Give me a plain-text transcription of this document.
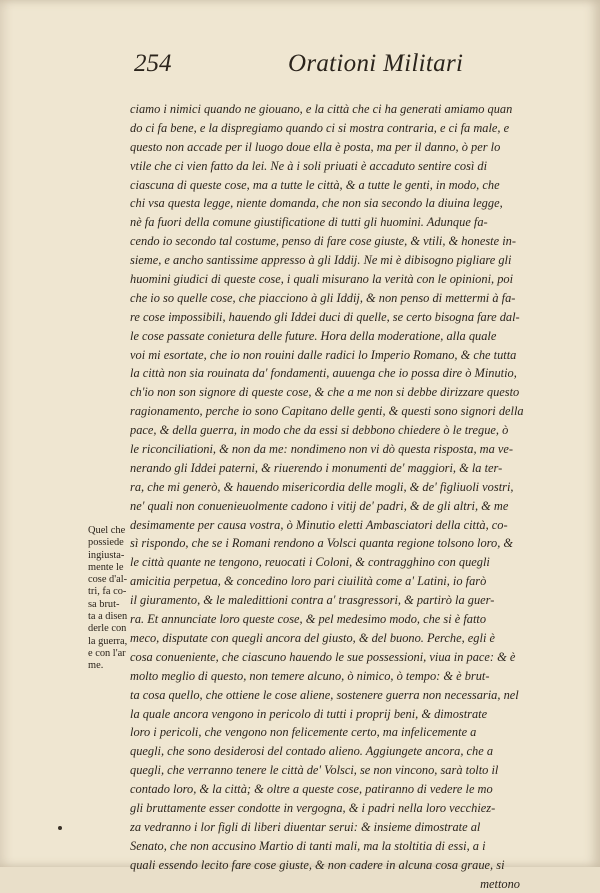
254	Orationi Militari
ciamo i nimici quando ne giouano, e la città che ci ha generati amiamo quan
do ci fa bene, e la dispregiamo quando ci si mostra contraria, e ci fa male, e
questo non accade per il luogo doue ella è posta, ma per il danno, ò per lo
vtile che ci vien fatto da lei. Ne à i soli priuati è accaduto sentire così di
ciascuna di queste cose, ma a tutte le città, & a tutte le genti, in modo, che
chi vsa questa legge, niente domanda, che non sia secondo la diuina legge,
nè fa fuori della comune giustificatione di tutti gli huomini. Adunque fa-
cendo io secondo tal costume, penso di fare cose giuste, & vtili, & honeste in-
sieme, e ancho santissime appresso à gli Iddij. Ne mi è dibisogno pigliare gli
huomini giudici di queste cose, i quali misurano la verità con le opinioni, poi
che io so quelle cose, che piacciono à gli Iddij, & non penso di mettermi à fa-
re cose impossibili, hauendo gli Iddei duci di quelle, se certo bisogna fare dal-
le cose passate conietura delle future. Hora della moderatione, alla quale
voi mi esortate, che io non rouini dalle radici lo Imperio Romano, & che tutta
la città non sia rouinata da' fondamenti, auuenga che io possa dire ò Minutio,
ch'io non son signore di queste cose, & che a me non si debbe dirizzare questo
ragionamento, perche io sono Capitano delle genti, & questi sono signori della
pace, & della guerra, in modo che da essi si debbono chiedere ò le tregue, ò
le riconciliationi, & non da me: nondimeno non vi dò questa risposta, ma ve-
nerando gli Iddei paterni, & riuerendo i monumenti de' maggiori, & la ter-
ra, che mi generò, & hauendo misericordia delle mogli, & de' figliuoli vostri,
ne' quali non conuenieuolmente cadono i vitij de' padri, & de gli altri, & me
desimamente per causa vostra, ò Minutio eletti Ambasciatori della città, co-
sì rispondo, che se i Romani rendono a Volsci quanta regione tolsono loro, &
le città quante ne tengono, reuocati i Coloni, & contragghino con quegli
amicitia perpetua, & concedino loro pari ciuilità come a' Latini, io farò
il giuramento, & le maledittioni contra a' trasgressori, & partirò la guer-
ra. Et annunciate loro queste cose, & pel medesimo modo, che si è fatto
meco, disputate con quegli ancora del giusto, & del buono. Perche, egli è
cosa conueniente, che ciascuno hauendo le sue possessioni, viua in pace: & è
molto meglio di questo, non temere alcuno, ò nimico, ò tempo: & è brut-
ta cosa quello, che ottiene le cose aliene, sostenere guerra non necessaria, nel
la quale ancora vengono in pericolo di tutti i proprij beni, & dimostrate
loro i pericoli, che vengono non felicemente certo, ma infelicemente a
quegli, che sono desiderosi del contado alieno. Aggiungete ancora, che a
quegli, che verranno tenere le città de' Volsci, se non vincono, sarà tolto il
contado loro, & la città; & oltre a queste cose, patiranno di vedere le mo
gli bruttamente esser condotte in vergogna, & i padri nella loro vecchiez-
za vedranno i lor figli di liberi diuentar serui: & insieme dimostrate al
Senato, che non accusino Martio di tanti mali, ma la stoltitia di essi, a i
quali essendo lecito fare cose giuste, & non cadere in alcuna cosa graue, si
mettono
Quel che
possiede
ingiusta-
mente le
cose d'al-
tri, fa co-
sa brut-
ta a disen
derle con
la guerra,
e con l'ar
me.
